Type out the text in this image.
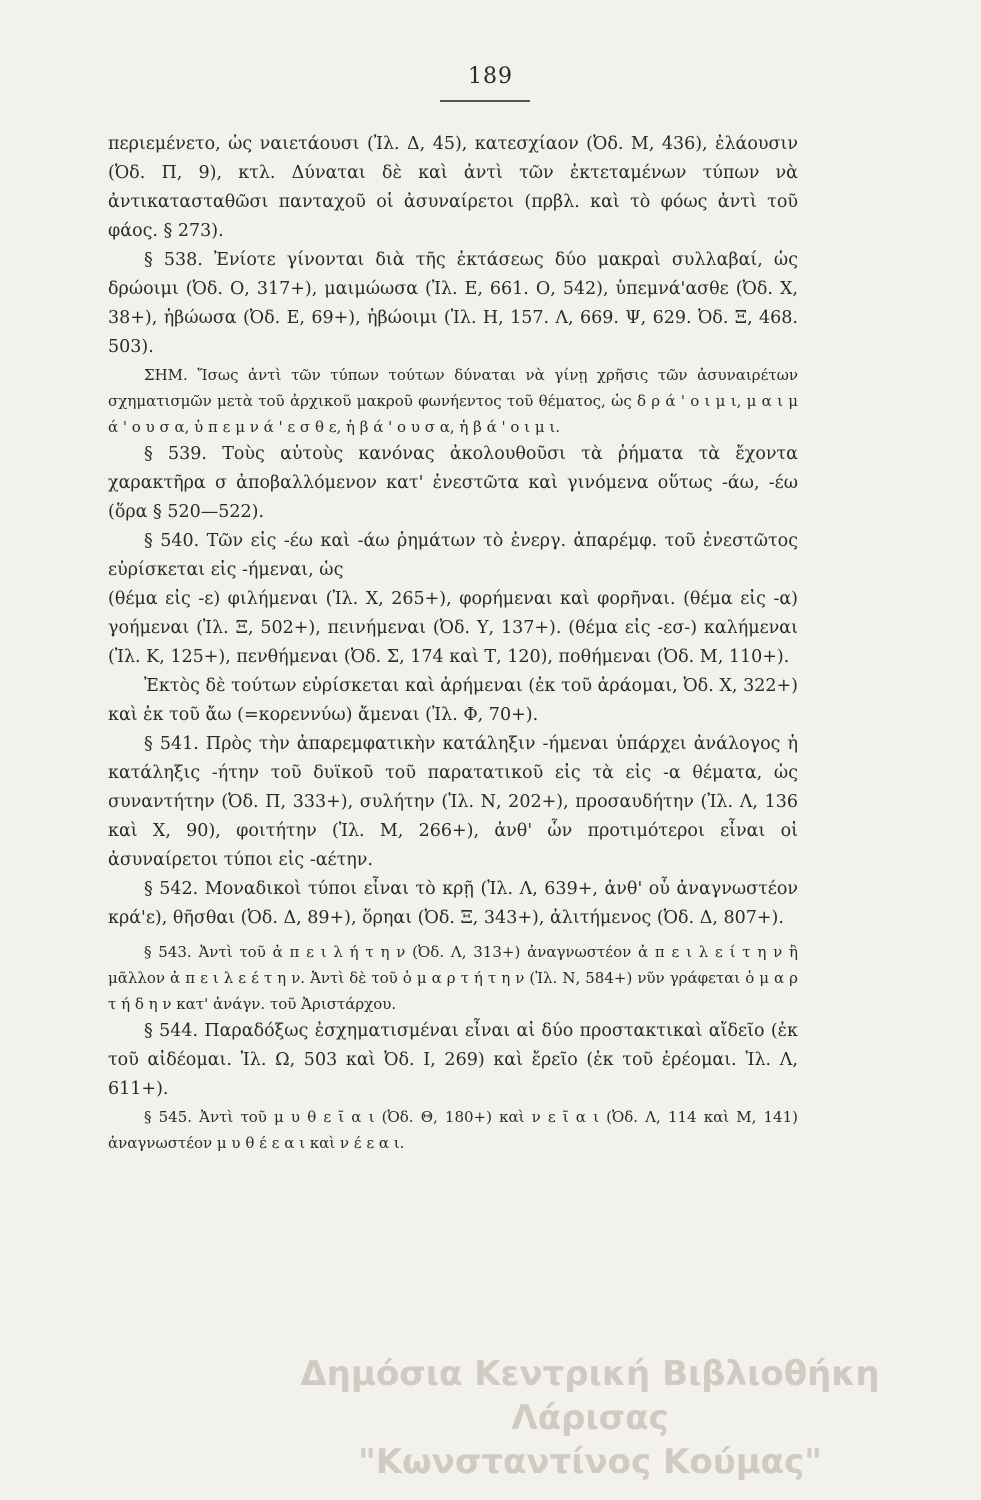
189

περιεμένετο, ὡς ναιετάουσι (Ἰλ. Δ, 45), κατεσχίαον (Ὀδ. Μ, 436), ἐλάουσιν (Ὀδ. Π, 9), κτλ. Δύναται δὲ καὶ ἀντὶ τῶν ἐκτεταμένων τύπων νὰ ἀντικατασταθῶσι πανταχοῦ οἱ ἀσυναίρετοι (πρβλ. καὶ τὸ φόως ἀντὶ τοῦ φάος. § 273).

§ 538. Ἐνίοτε γίνονται διὰ τῆς ἐκτάσεως δύο μακραὶ συλλαβαί, ὡς δρώοιμι (Ὀδ. Ο, 317+), μαιμώωσα (Ἰλ. Ε, 661. Ο, 542), ὑπεμνά'ασθε (Ὀδ. Χ, 38+), ἡβώωσα (Ὀδ. Ε, 69+), ἡβώοιμι (Ἰλ. Η, 157. Λ, 669. Ψ, 629. Ὀδ. Ξ, 468. 503).

ΣΗΜ. Ἴσως ἀντὶ τῶν τύπων τούτων δύναται νὰ γίνῃ χρῆσις τῶν ἀσυναιρέτων σχηματισμῶν μετὰ τοῦ ἀρχικοῦ μακροῦ φωνήεντος τοῦ θέματος, ὡς δ ρ ά ' ο ι μ ι, μ α ι μ ά ' ο υ σ α, ὑ π ε μ ν ά ' ε σ θ ε, ἡ β ά ' ο υ σ α, ἡ β ά ' ο ι μ ι.

§ 539. Τοὺς αὐτοὺς κανόνας ἀκολουθοῦσι τὰ ῥήματα τὰ ἔχοντα χαρακτῆρα σ ἀποβαλλόμενον κατ' ἐνεστῶτα καὶ γινόμενα οὕτως -άω, -έω (ὅρα § 520—522).

§ 540. Τῶν εἰς -έω καὶ -άω ῥημάτων τὸ ἐνεργ. ἀπαρέμφ. τοῦ ἐνεστῶτος εὑρίσκεται εἰς -ήμεναι, ὡς

(θέμα εἰς -ε) φιλήμεναι (Ἰλ. Χ, 265+), φορήμεναι καὶ φορῆναι. (θέμα εἰς -α) γοήμεναι (Ἰλ. Ξ, 502+), πεινήμεναι (Ὀδ. Υ, 137+). (θέμα εἰς -εσ-) καλήμεναι (Ἰλ. Κ, 125+), πενθήμεναι (Ὀδ. Σ, 174 καὶ Τ, 120), ποθήμεναι (Ὀδ. Μ, 110+).

Ἐκτὸς δὲ τούτων εὑρίσκεται καὶ ἀρήμεναι (ἐκ τοῦ ἀράομαι, Ὀδ. Χ, 322+) καὶ ἐκ τοῦ ἄω (=κορεννύω) ἄμεναι (Ἰλ. Φ, 70+).

§ 541. Πρὸς τὴν ἀπαρεμφατικὴν κατάληξιν -ήμεναι ὑπάρχει ἀνάλογος ἡ κατάληξις -ήτην τοῦ δυϊκοῦ τοῦ παρατατικοῦ εἰς τὰ εἰς -α θέματα, ὡς συναντήτην (Ὀδ. Π, 333+), συλήτην (Ἰλ. Ν, 202+), προσαυδήτην (Ἰλ. Λ, 136 καὶ Χ, 90), φοιτήτην (Ἰλ. Μ, 266+), ἀνθ' ὧν προτιμότεροι εἶναι οἱ ἀσυναίρετοι τύποι εἰς -αέτην.

§ 542. Μοναδικοὶ τύποι εἶναι τὸ κρῇ (Ἰλ. Λ, 639+, ἀνθ' οὗ ἀναγνωστέον κρά'ε), θῆσθαι (Ὀδ. Δ, 89+), ὅρηαι (Ὀδ. Ξ, 343+), ἀλιτήμενος (Ὀδ. Δ, 807+).

§ 543. Ἀντὶ τοῦ ἀ π ε ι λ ή τ η ν (Ὀδ. Λ, 313+) ἀναγνωστέον ἀ π ε ι λ ε ί τ η ν ἢ μᾶλλον ἀ π ε ι λ ε έ τ η ν. Ἀντὶ δὲ τοῦ ὁ μ α ρ τ ή τ η ν (Ἰλ. Ν, 584+) νῦν γράφεται ὁ μ α ρ τ ή δ η ν κατ' ἀνάγν. τοῦ Ἀριστάρχου.

§ 544. Παραδόξως ἐσχηματισμέναι εἶναι αἱ δύο προστακτικαὶ αἴδεῖο (ἐκ τοῦ αἰδέομαι. Ἰλ. Ω, 503 καὶ Ὀδ. Ι, 269) καὶ ἔρεῖο (ἐκ τοῦ ἐρέομαι. Ἰλ. Λ, 611+).

§ 545. Ἀντὶ τοῦ μ υ θ ε ῖ α ι (Ὀδ. Θ, 180+) καὶ ν ε ῖ α ι (Ὀδ. Λ, 114 καὶ Μ, 141) ἀναγνωστέον μ υ θ έ ε α ι καὶ ν έ ε α ι.

Δημόσια Κεντρική Βιβλιοθήκη Λάρισας
"Κωνσταντίνος Κούμας"
